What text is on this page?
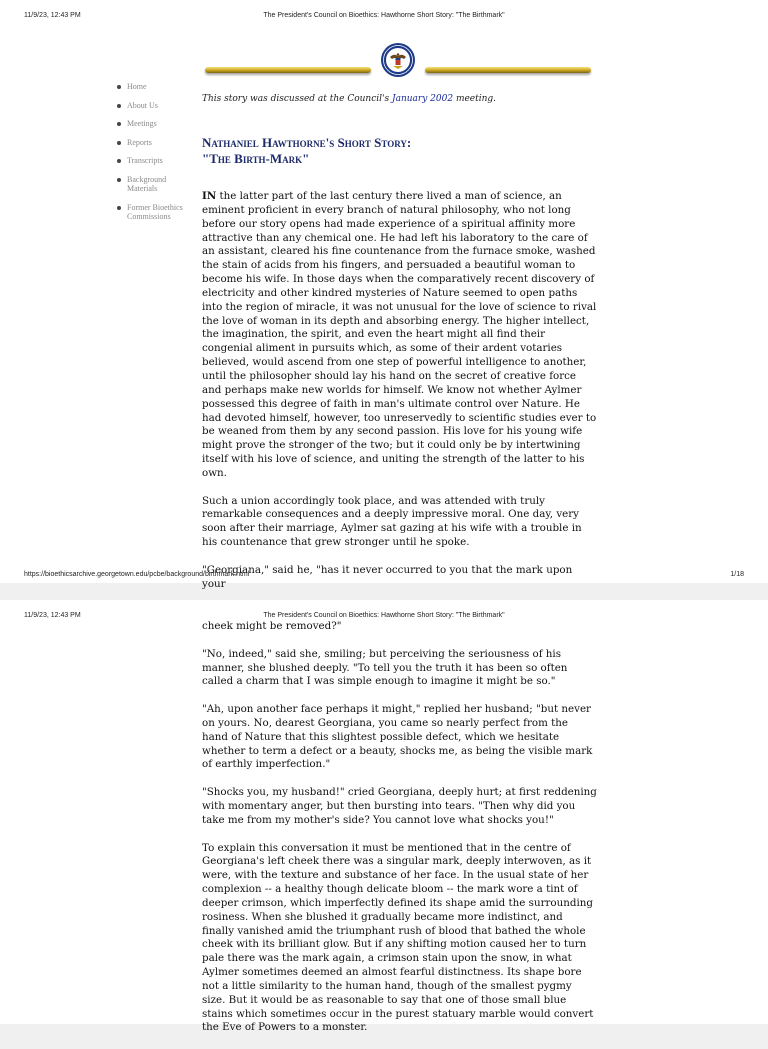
11/9/23, 12:43 PM	The President's Council on Bioethics: Hawthorne Short Story: "The Birthmark"
Home
About Us
Meetings
Reports
Transcripts
Background Materials
Former Bioethics Commissions
This story was discussed at the Council's January 2002 meeting.
Nathaniel Hawthorne's Short Story:
"The Birth-Mark"

IN the latter part of the last century there lived a man of science, an eminent proficient in every branch of natural philosophy, who not long before our story opens had made experience of a spiritual affinity more attractive than any chemical one. He had left his laboratory to the care of an assistant, cleared his fine countenance from the furnace smoke, washed the stain of acids from his fingers, and persuaded a beautiful woman to become his wife. In those days when the comparatively recent discovery of electricity and other kindred mysteries of Nature seemed to open paths into the region of miracle, it was not unusual for the love of science to rival the love of woman in its depth and absorbing energy. The higher intellect, the imagination, the spirit, and even the heart might all find their congenial aliment in pursuits which, as some of their ardent votaries believed, would ascend from one step of powerful intelligence to another, until the philosopher should lay his hand on the secret of creative force and perhaps make new worlds for himself. We know not whether Aylmer possessed this degree of faith in man's ultimate control over Nature. He had devoted himself, however, too unreservedly to scientific studies ever to be weaned from them by any second passion. His love for his young wife might prove the stronger of the two; but it could only be by intertwining itself with his love of science, and uniting the strength of the latter to his own.

Such a union accordingly took place, and was attended with truly remarkable consequences and a deeply impressive moral. One day, very soon after their marriage, Aylmer sat gazing at his wife with a trouble in his countenance that grew stronger until he spoke.

"Georgiana," said he, "has it never occurred to you that the mark upon your

https://bioethicsarchive.georgetown.edu/pcbe/background/birthmark.html	1/18
11/9/23, 12:43 PM	The President's Council on Bioethics: Hawthorne Short Story: "The Birthmark"

cheek might be removed?"

"No, indeed," said she, smiling; but perceiving the seriousness of his manner, she blushed deeply. "To tell you the truth it has been so often called a charm that I was simple enough to imagine it might be so."

"Ah, upon another face perhaps it might," replied her husband; "but never on yours. No, dearest Georgiana, you came so nearly perfect from the hand of Nature that this slightest possible defect, which we hesitate whether to term a defect or a beauty, shocks me, as being the visible mark of earthly imperfection."

"Shocks you, my husband!" cried Georgiana, deeply hurt; at first reddening with momentary anger, but then bursting into tears. "Then why did you take me from my mother's side? You cannot love what shocks you!"

To explain this conversation it must be mentioned that in the centre of Georgiana's left cheek there was a singular mark, deeply interwoven, as it were, with the texture and substance of her face. In the usual state of her complexion -- a healthy though delicate bloom -- the mark wore a tint of deeper crimson, which imperfectly defined its shape amid the surrounding rosiness. When she blushed it gradually became more indistinct, and finally vanished amid the triumphant rush of blood that bathed the whole cheek with its brilliant glow. But if any shifting motion caused her to turn pale there was the mark again, a crimson stain upon the snow, in what Aylmer sometimes deemed an almost fearful distinctness. Its shape bore not a little similarity to the human hand, though of the smallest pygmy size. But it would be as reasonable to say that one of those small blue stains which sometimes occur in the purest statuary marble would convert the Eve of Powers to a monster.
